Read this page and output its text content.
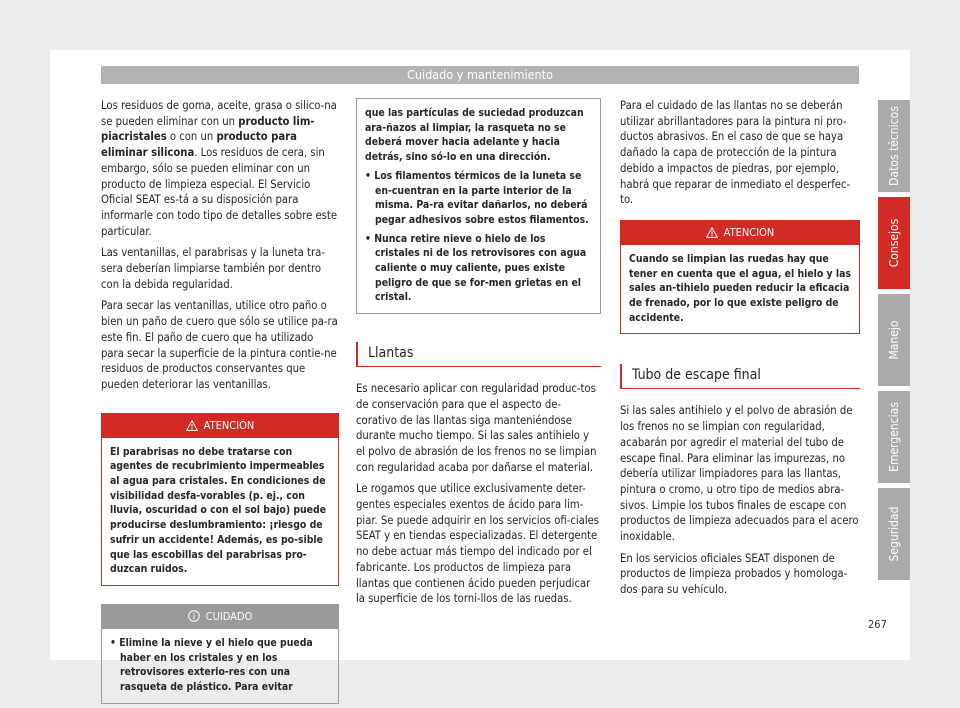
Cuidado y mantenimiento

Los residuos de goma, aceite, grasa o silico-na se pueden eliminar con un producto lim-piacristales o con un producto para eliminar silicona. Los residuos de cera, sin embargo, sólo se pueden eliminar con un producto de limpieza especial. El Servicio Oficial SEAT es-tá a su disposición para informarle con todo tipo de detalles sobre este particular.

Las ventanillas, el parabrisas y la luneta tra-sera deberían limpiarse también por dentro con la debida regularidad.

Para secar las ventanillas, utilice otro paño o bien un paño de cuero que sólo se utilice pa-ra este fin. El paño de cuero que ha utilizado para secar la superficie de la pintura contie-ne residuos de productos conservantes que pueden deteriorar las ventanillas.

ATENCIÓN
El parabrisas no debe tratarse con agentes de recubrimiento impermeables al agua para cristales. En condiciones de visibilidad desfa-vorables (p. ej., con lluvia, oscuridad o con el sol bajo) puede producirse deslumbramiento: ¡riesgo de sufrir un accidente! Además, es po-sible que las escobillas del parabrisas pro-duzcan ruidos.
CUIDADO
• Elimine la nieve y el hielo que pueda haber en los cristales y en los retrovisores exterio-res con una rasqueta de plástico. Para evitar
que las partículas de suciedad produzcan ara-ñazos al limpiar, la rasqueta no se deberá mover hacia adelante y hacia detrás, sino só-lo en una dirección.
• Los filamentos térmicos de la luneta se en-cuentran en la parte interior de la misma. Pa-ra evitar dañarlos, no deberá pegar adhesivos sobre estos filamentos.
• Nunca retire nieve o hielo de los cristales ni de los retrovisores con agua caliente o muy caliente, pues existe peligro de que se for-men grietas en el cristal.
Llantas

Es necesario aplicar con regularidad produc-tos de conservación para que el aspecto de-corativo de las llantas siga manteniéndose durante mucho tiempo. Si las sales antihielo y el polvo de abrasión de los frenos no se limpian con regularidad acaba por dañarse el material.

Le rogamos que utilice exclusivamente deter-gentes especiales exentos de ácido para lim-piar. Se puede adquirir en los servicios ofi-ciales SEAT y en tiendas especializadas. El detergente no debe actuar más tiempo del indicado por el fabricante. Los productos de limpieza para llantas que contienen ácido pueden perjudicar la superficie de los torni-llos de las ruedas.

Para el cuidado de las llantas no se deberán utilizar abrillantadores para la pintura ni pro-ductos abrasivos. En el caso de que se haya dañado la capa de protección de la pintura debido a impactos de piedras, por ejemplo, habrá que reparar de inmediato el desperfec-to.

ATENCIÓN
Cuando se limpian las ruedas hay que tener en cuenta que el agua, el hielo y las sales an-tihielo pueden reducir la eficacia de frenado, por lo que existe peligro de accidente.
Tubo de escape final

Si las sales antihielo y el polvo de abrasión de los frenos no se limpian con regularidad, acabarán por agredir el material del tubo de escape final. Para eliminar las impurezas, no debería utilizar limpiadores para las llantas, pintura o cromo, u otro tipo de medios abra-sivos. Limpie los tubos finales de escape con productos de limpieza adecuados para el acero inoxidable.

En los servicios oficiales SEAT disponen de productos de limpieza probados y homologa-dos para su vehículo.

Datos técnicos
Consejos
Manejo
Emergencias
Seguridad
267
